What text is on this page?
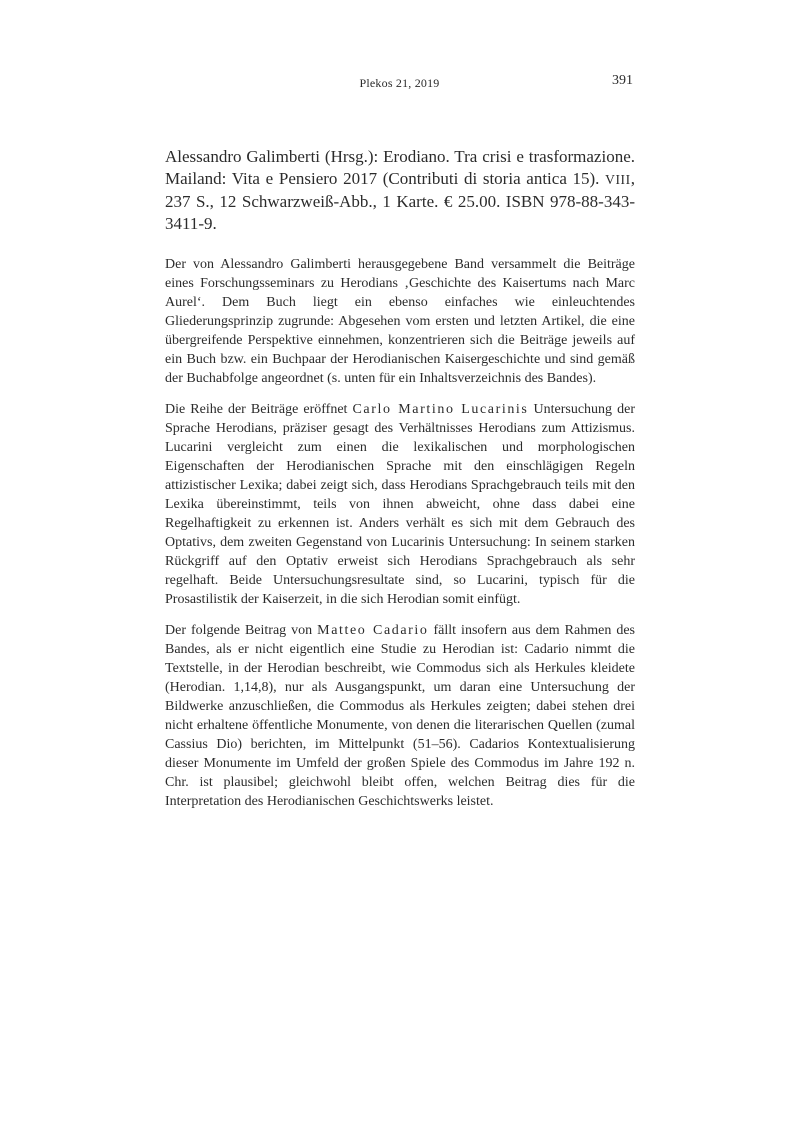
Plekos 21, 2019	391

Alessandro Galimberti (Hrsg.): Erodiano. Tra crisi e trasformazione. Mailand: Vita e Pensiero 2017 (Contributi di storia antica 15). VIII, 237 S., 12 Schwarzweiß-Abb., 1 Karte. € 25.00. ISBN 978-88-343-3411-9.

Der von Alessandro Galimberti herausgegebene Band versammelt die Beiträge eines Forschungsseminars zu Herodians ‚Geschichte des Kaisertums nach Marc Aurel‘. Dem Buch liegt ein ebenso einfaches wie einleuchtendes Gliederungsprinzip zugrunde: Abgesehen vom ersten und letzten Artikel, die eine übergreifende Perspektive einnehmen, konzentrieren sich die Beiträge jeweils auf ein Buch bzw. ein Buchpaar der Herodianischen Kaisergeschichte und sind gemäß der Buchabfolge angeordnet (s. unten für ein Inhaltsverzeichnis des Bandes).

Die Reihe der Beiträge eröffnet Carlo Martino Lucarinis Untersuchung der Sprache Herodians, präziser gesagt des Verhältnisses Herodians zum Attizismus. Lucarini vergleicht zum einen die lexikalischen und morphologischen Eigenschaften der Herodianischen Sprache mit den einschlägigen Regeln attizistischer Lexika; dabei zeigt sich, dass Herodians Sprachgebrauch teils mit den Lexika übereinstimmt, teils von ihnen abweicht, ohne dass dabei eine Regelhaftigkeit zu erkennen ist. Anders verhält es sich mit dem Gebrauch des Optativs, dem zweiten Gegenstand von Lucarinis Untersuchung: In seinem starken Rückgriff auf den Optativ erweist sich Herodians Sprachgebrauch als sehr regelhaft. Beide Untersuchungsresultate sind, so Lucarini, typisch für die Prosastilistik der Kaiserzeit, in die sich Herodian somit einfügt.

Der folgende Beitrag von Matteo Cadario fällt insofern aus dem Rahmen des Bandes, als er nicht eigentlich eine Studie zu Herodian ist: Cadario nimmt die Textstelle, in der Herodian beschreibt, wie Commodus sich als Herkules kleidete (Herodian. 1,14,8), nur als Ausgangspunkt, um daran eine Untersuchung der Bildwerke anzuschließen, die Commodus als Herkules zeigten; dabei stehen drei nicht erhaltene öffentliche Monumente, von denen die literarischen Quellen (zumal Cassius Dio) berichten, im Mittelpunkt (51–56). Cadarios Kontextualisierung dieser Monumente im Umfeld der großen Spiele des Commodus im Jahre 192 n. Chr. ist plausibel; gleichwohl bleibt offen, welchen Beitrag dies für die Interpretation des Herodianischen Geschichtswerks leistet.
